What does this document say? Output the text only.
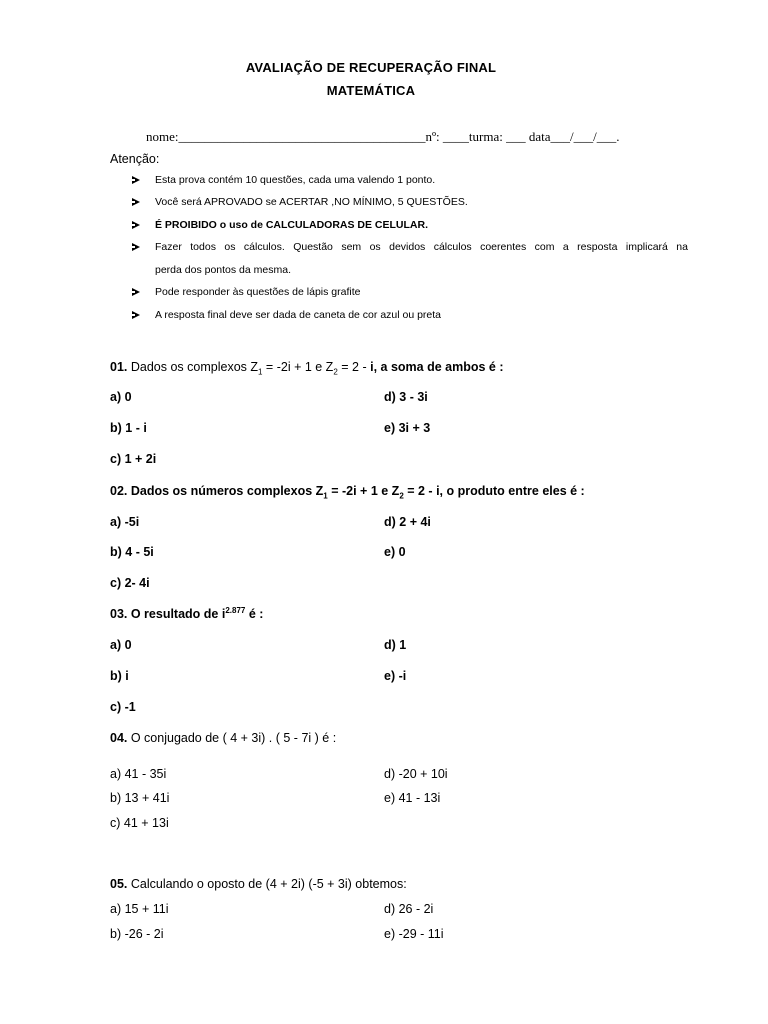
AVALIAÇÃO DE RECUPERAÇÃO FINAL
MATEMÁTICA
nome:______________________________________nº: ____turma: ___ data___/___/___.
Atenção:
Esta prova contém 10 questões, cada uma valendo 1 ponto.
Você será APROVADO se ACERTAR ,NO MÍNIMO, 5 QUESTÕES.
É PROIBIDO o uso de CALCULADORAS DE CELULAR.
Fazer todos os cálculos. Questão sem os devidos cálculos coerentes com a resposta implicará na
perda dos pontos da mesma.
Pode responder às questões de lápis grafite
A resposta final deve ser dada de caneta de cor azul ou preta
01. Dados os complexos $Z_1 = -2i + 1$ e $Z_2 = 2 - i$, a soma de ambos é :
a) 0	d) 3 - 3i
b) 1 - i	e) 3i + 3
c) 1 + 2i
02. Dados os números complexos $Z_1 = -2i + 1$ e $Z_2 = 2 - i$, o produto entre eles é :
a) -5i	d) 2 + 4i
b) 4 - 5i	e) 0
c) 2- 4i
03. O resultado de $i^{2.877}$ é :
a) 0	d) 1
b) i	e) -i
c) -1
04. O conjugado de ( 4 + 3i) . ( 5 - 7i ) é :
a) 41 - 35i	d) -20 + 10i
b) 13 + 41i	e) 41 - 13i
c) 41 + 13i
05. Calculando o oposto de (4 + 2i) (-5 + 3i) obtemos:
a) 15 + 11i	d) 26 - 2i
b) -26 - 2i	e) -29 - 11i
